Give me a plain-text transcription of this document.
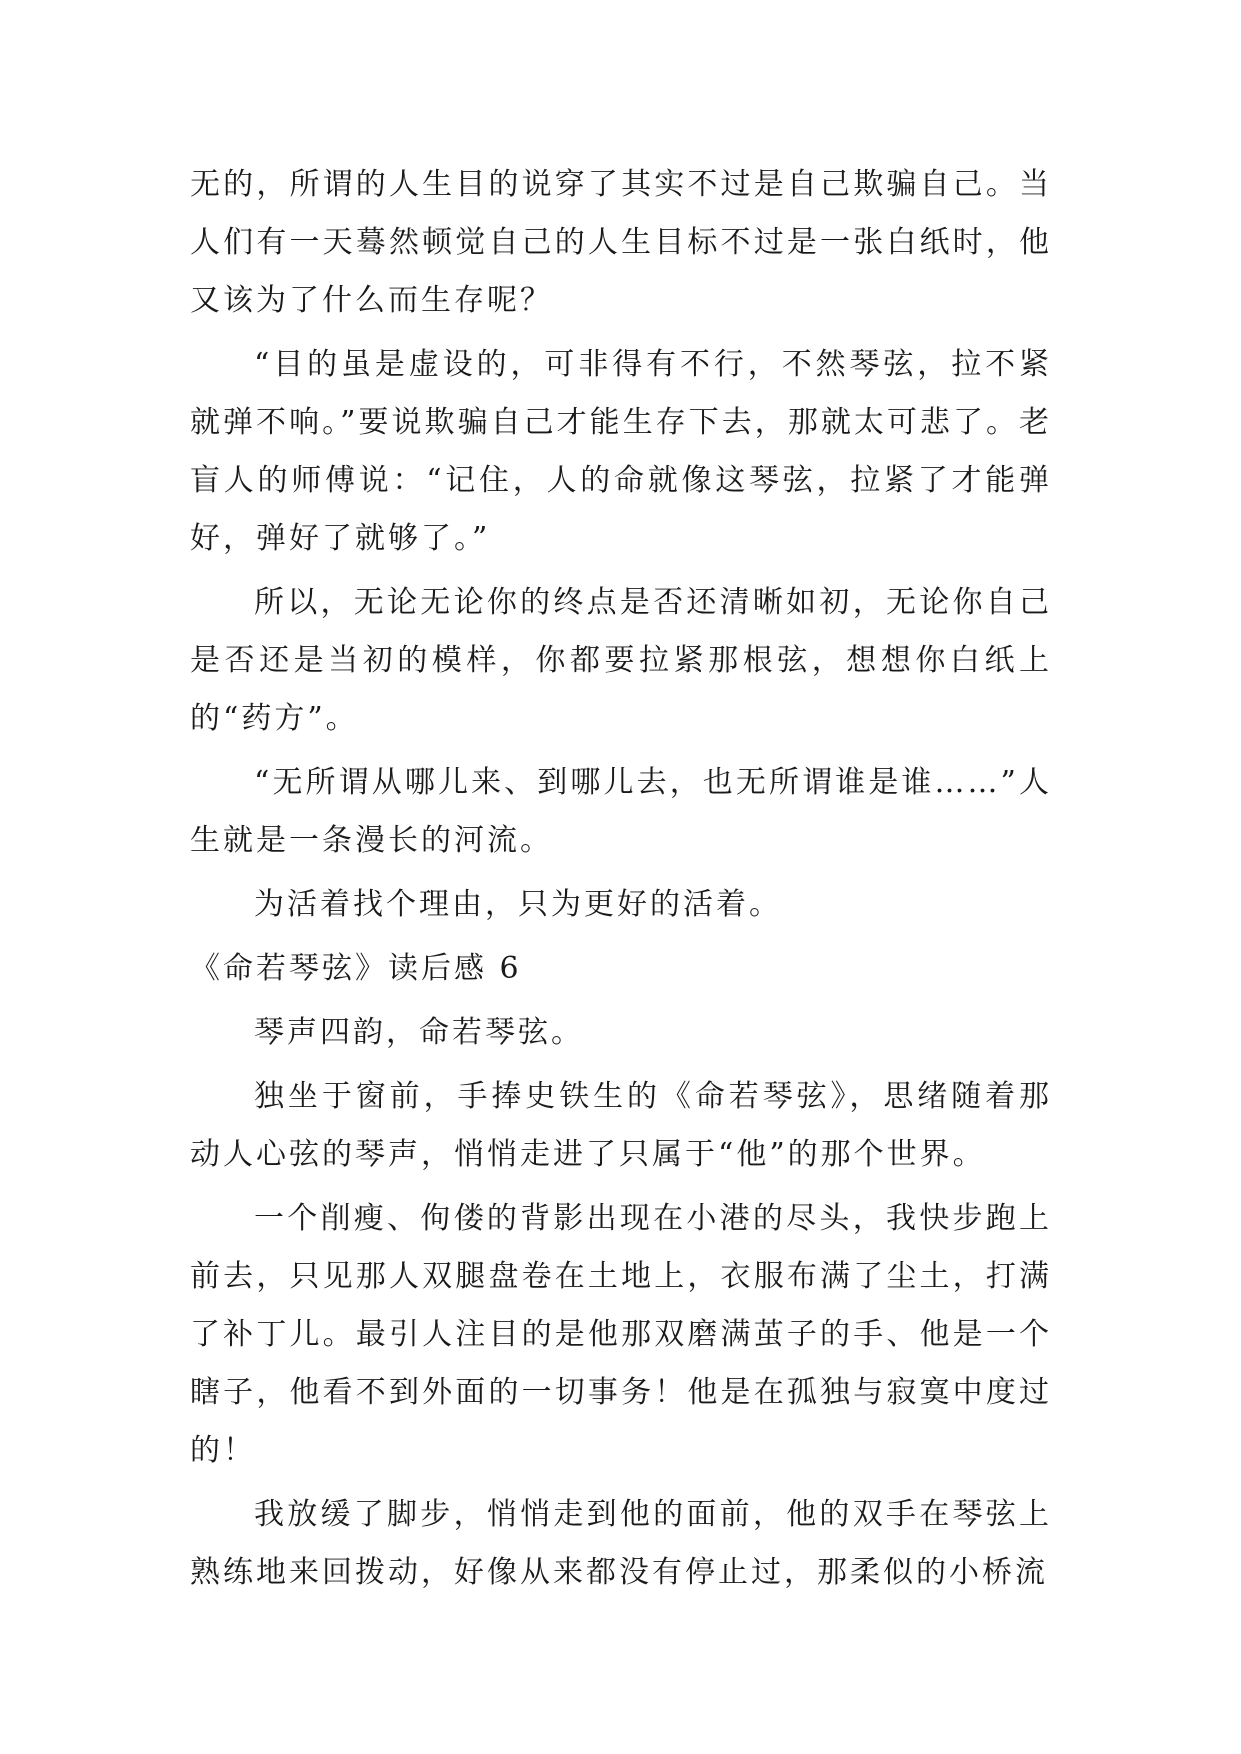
无的，所谓的人生目的说穿了其实不过是自己欺骗自己。当人们有一天蓦然顿觉自己的人生目标不过是一张白纸时，他又该为了什么而生存呢？

“目的虽是虚设的，可非得有不行，不然琴弦，拉不紧就弹不响。”要说欺骗自己才能生存下去，那就太可悲了。老盲人的师傅说：“记住，人的命就像这琴弦，拉紧了才能弹好，弹好了就够了。”

所以，无论无论你的终点是否还清晰如初，无论你自己是否还是当初的模样，你都要拉紧那根弦，想想你白纸上的“药方”。

“无所谓从哪儿来、到哪儿去，也无所谓谁是谁……”人生就是一条漫长的河流。

为活着找个理由，只为更好的活着。

《命若琴弦》读后感 6

琴声四韵，命若琴弦。

独坐于窗前，手捧史铁生的《命若琴弦》，思绪随着那动人心弦的琴声，悄悄走进了只属于“他”的那个世界。

一个削瘦、佝偻的背影出现在小港的尽头，我快步跑上前去，只见那人双腿盘卷在土地上，衣服布满了尘土，打满了补丁儿。最引人注目的是他那双磨满茧子的手、他是一个瞎子，他看不到外面的一切事务！他是在孤独与寂寞中度过的！

我放缓了脚步，悄悄走到他的面前，他的双手在琴弦上熟练地来回拨动，好像从来都没有停止过，那柔似的小桥流
